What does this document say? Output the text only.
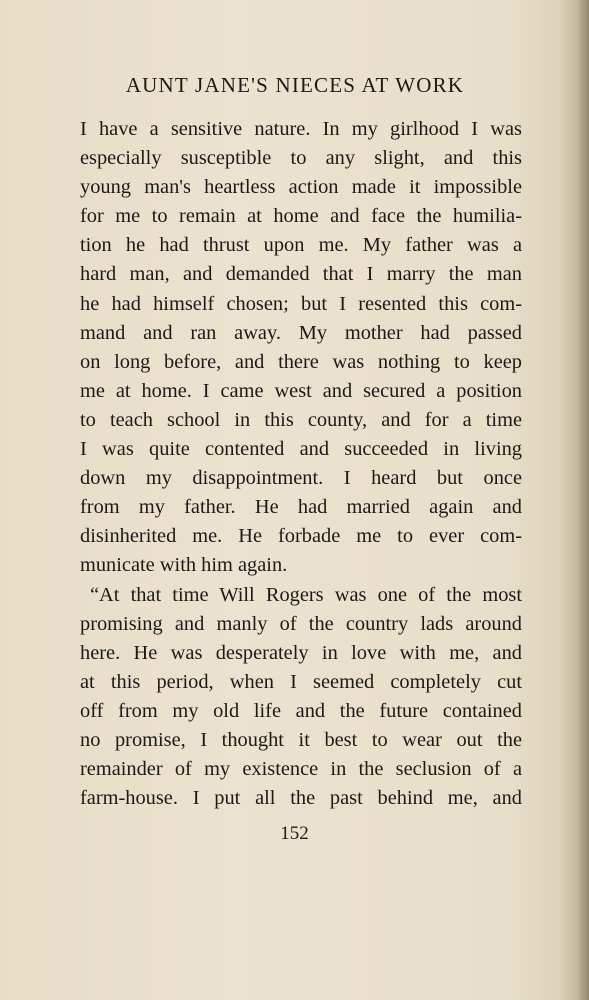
AUNT JANE'S NIECES AT WORK
I have a sensitive nature. In my girlhood I was
especially susceptible to any slight, and this
young man's heartless action made it impossible
for me to remain at home and face the humilia-
tion he had thrust upon me. My father was a
hard man, and demanded that I marry the man
he had himself chosen; but I resented this com-
mand and ran away. My mother had passed
on long before, and there was nothing to keep
me at home. I came west and secured a position
to teach school in this county, and for a time
I was quite contented and succeeded in living
down my disappointment. I heard but once
from my father. He had married again and
disinherited me. He forbade me to ever com-
municate with him again.
“At that time Will Rogers was one of the most
promising and manly of the country lads around
here. He was desperately in love with me, and
at this period, when I seemed completely cut
off from my old life and the future contained
no promise, I thought it best to wear out the
remainder of my existence in the seclusion of a
farm-house. I put all the past behind me, and
152
